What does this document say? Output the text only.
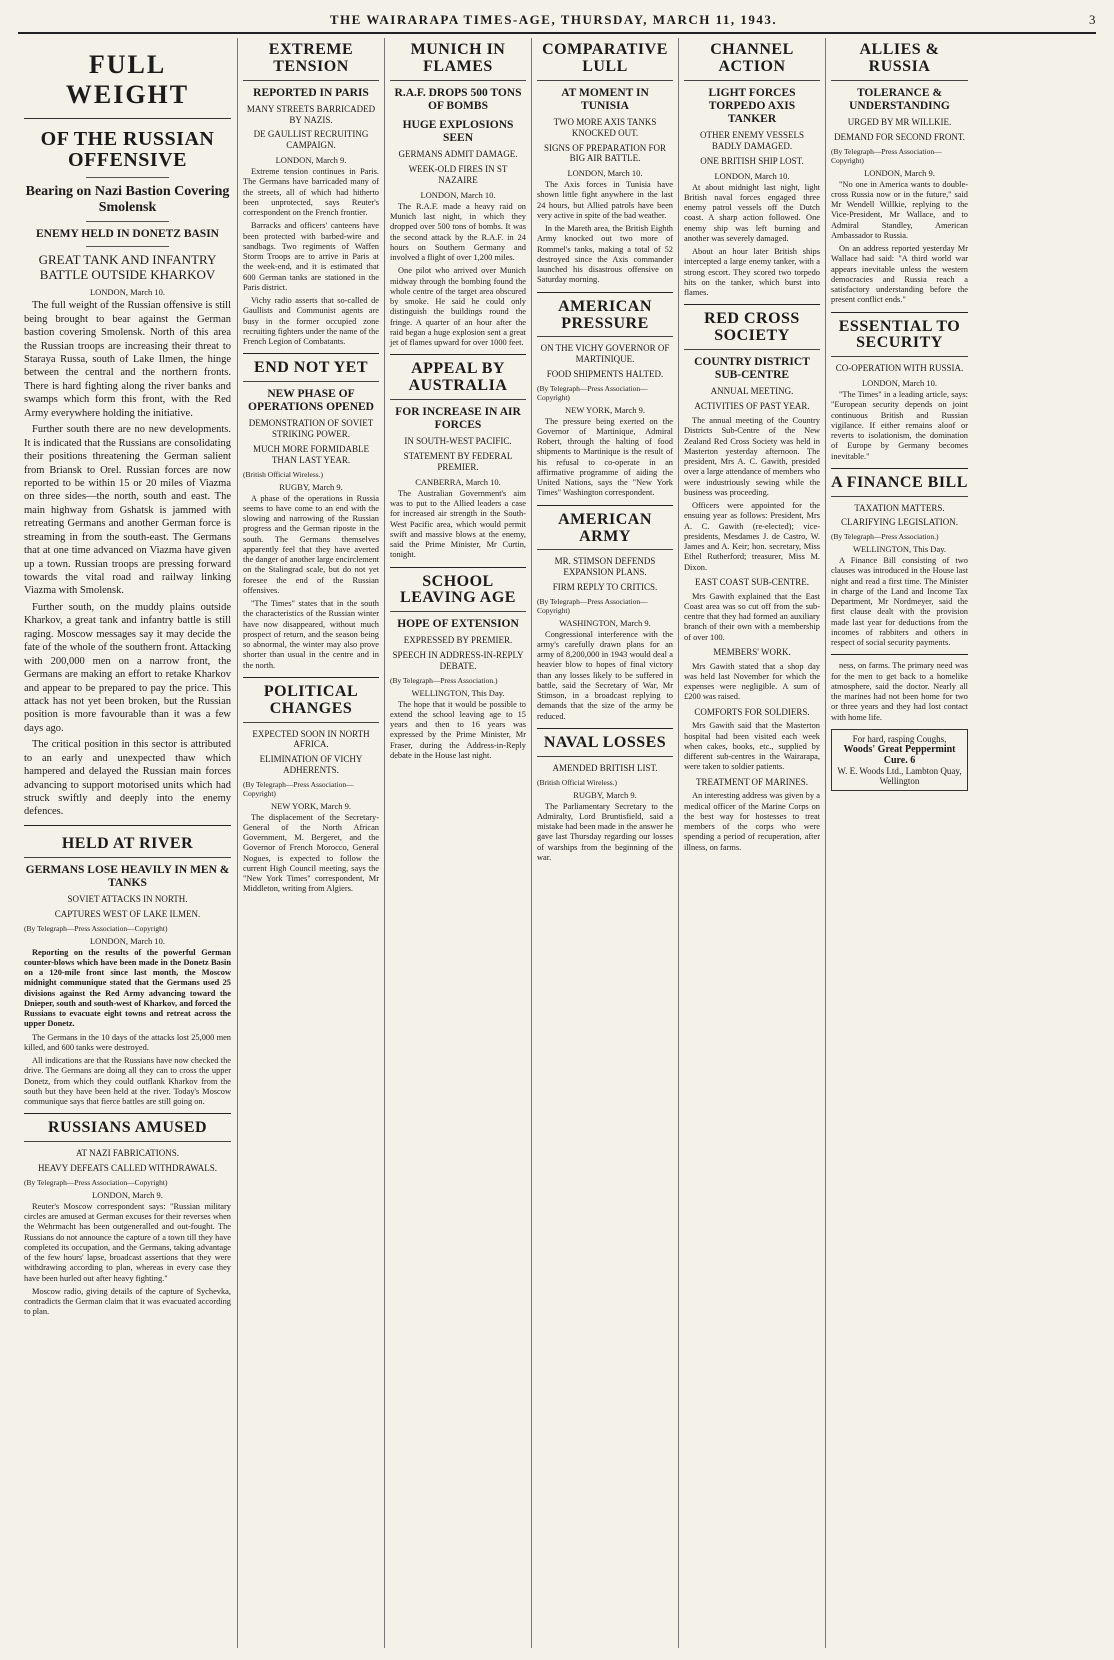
THE WAIRARAPA TIMES-AGE, THURSDAY, MARCH 11, 1943.	3
FULL WEIGHT
OF THE RUSSIAN OFFENSIVE
Bearing on Nazi Bastion Covering Smolensk
ENEMY HELD IN DONETZ BASIN
GREAT TANK AND INFANTRY BATTLE OUTSIDE KHARKOV
LONDON, March 10.

The full weight of the Russian offensive is still being brought to bear against the German bastion covering Smolensk. North of this area the Russian troops are increasing their threat to Staraya Russa, south of Lake Ilmen, the hinge between the central and the northern fronts. There is hard fighting along the river banks and swamps which form this front, with the Red Army everywhere holding the initiative.

Further south there are no new developments. It is indicated that the Russians are consolidating their positions threatening the German salient from Briansk to Orel. Russian forces are now reported to be within 15 or 20 miles of Viazma on three sides—the north, south and east. The main highway from Gshatsk is jammed with retreating Germans and another German force is streaming in from the south-east. The Germans that at one time advanced on Viazma have given up a town. Russian troops are pressing forward towards the vital road and railway linking Viazma with Smolensk.

Further south, on the muddy plains outside Kharkov, a great tank and infantry battle is still raging. Moscow messages say it may decide the fate of the whole of the southern front. Attacking with 200,000 men on a narrow front, the Germans are making an effort to retake Kharkov and appear to be prepared to pay the price. This attack has not yet been broken, but the Russian position is more favourable than it was a few days ago.

The critical position in this sector is attributed to an early and unexpected thaw which hampered and delayed the Russian main forces advancing to support motorised units which had struck swiftly and deeply into the enemy defences.

HELD AT RIVER
GERMANS LOSE HEAVILY IN MEN & TANKS
SOVIET ATTACKS IN NORTH.
CAPTURES WEST OF LAKE ILMEN.
(By Telegraph—Press Association—Copyright)
LONDON, March 10.

Reporting on the results of the powerful German counter-blows which have been made in the Donetz Basin on a 120-mile front since last month, the Moscow midnight communique stated that the Germans used 25 divisions against the Red Army advancing toward the Dnieper, south and south-west of Kharkov, and forced the Russians to evacuate eight towns and retreat across the upper Donetz.

The Germans in the 10 days of the attacks lost 25,000 men killed, and 600 tanks were destroyed.

All indications are that the Russians have now checked the drive. The Germans are doing all they can to cross the upper Donetz, from which they could outflank Kharkov from the south but they have been held at the river. Today's Moscow communique says that fierce battles are still going on.

RUSSIANS AMUSED
AT NAZI FABRICATIONS.
HEAVY DEFEATS CALLED WITHDRAWALS.
(By Telegraph—Press Association—Copyright)
LONDON, March 9.

Reuter's Moscow correspondent says: "Russian military circles are amused at German excuses for their reverses when the Wehrmacht has been outgeneralled and out-fought. The Russians do not announce the capture of a town till they have completed its occupation, and the Germans, taking advantage of the few hours' lapse, broadcast assertions that they were withdrawing according to plan, whereas in every case they have been hurled out after heavy fighting."

Moscow radio, giving details of the capture of Sychevka, contradicts the German claim that it was evacuated according to plan.

EXTREME TENSION
REPORTED IN PARIS
MANY STREETS BARRICADED BY NAZIS.
DE GAULLIST RECRUITING CAMPAIGN.
LONDON, March 9.

Extreme tension continues in Paris. The Germans have barricaded many of the streets, all of which had hitherto been unprotected, says Reuter's correspondent on the French frontier.

Barracks and officers' canteens have been protected with barbed-wire and sandbags. Two regiments of Waffen Storm Troops are to arrive in Paris at the week-end, and it is estimated that 600 German tanks are stationed in the Paris district.

Vichy radio asserts that so-called de Gaullists and Communist agents are busy in the former occupied zone recruiting fighters under the name of the French Legion of Combatants.

END NOT YET
NEW PHASE OF OPERATIONS OPENED
DEMONSTRATION OF SOVIET STRIKING POWER.
MUCH MORE FORMIDABLE THAN LAST YEAR.
(British Official Wireless.)
RUGBY, March 9.

A phase of the operations in Russia seems to have come to an end with the slowing and narrowing of the Russian progress and the German riposte in the south. The Germans themselves apparently feel that they have averted the danger of another large encirclement on the Stalingrad scale, but do not yet foresee the end of the Russian offensives.

"The Times" states that in the south the characteristics of the Russian winter have now disappeared, without much prospect of return, and the season being so abnormal, the winter may also prove shorter than usual in the centre and in the north.

POLITICAL CHANGES
EXPECTED SOON IN NORTH AFRICA.
ELIMINATION OF VICHY ADHERENTS.
(By Telegraph—Press Association—Copyright)
NEW YORK, March 9.

The displacement of the Secretary-General of the North African Government, M. Bergeret, and the Governor of French Morocco, General Nogues, is expected to follow the current High Council meeting, says the "New York Times" correspondent, Mr Middleton, writing from Algiers.

MUNICH IN FLAMES
R.A.F. DROPS 500 TONS OF BOMBS
HUGE EXPLOSIONS SEEN
GERMANS ADMIT DAMAGE.
WEEK-OLD FIRES IN ST NAZAIRE
LONDON, March 10.

The R.A.F. made a heavy raid on Munich last night, in which they dropped over 500 tons of bombs. It was the second attack by the R.A.F. in 24 hours on Southern Germany and involved a flight of over 1,200 miles.

One pilot who arrived over Munich midway through the bombing found the whole centre of the target area obscured by smoke. He said he could only distinguish the buildings round the fringe. A quarter of an hour after the raid began a huge explosion sent a great jet of flames upward for over 1000 feet.

APPEAL BY AUSTRALIA
FOR INCREASE IN AIR FORCES
IN SOUTH-WEST PACIFIC.
STATEMENT BY FEDERAL PREMIER.
CANBERRA, March 10.

The Australian Government's aim was to put to the Allied leaders a case for increased air strength in the South-West Pacific area, which would permit swift and massive blows at the enemy, said the Prime Minister, Mr Curtin, tonight.

SCHOOL LEAVING AGE
HOPE OF EXTENSION
EXPRESSED BY PREMIER.
SPEECH IN ADDRESS-IN-REPLY DEBATE.
(By Telegraph—Press Association.)
WELLINGTON, This Day.

The hope that it would be possible to extend the school leaving age to 15 years and then to 16 years was expressed by the Prime Minister, Mr Fraser, during the Address-in-Reply debate in the House last night.

COMPARATIVE LULL
AT MOMENT IN TUNISIA
TWO MORE AXIS TANKS KNOCKED OUT.
SIGNS OF PREPARATION FOR BIG AIR BATTLE.
LONDON, March 10.

The Axis forces in Tunisia have shown little fight anywhere in the last 24 hours, but Allied patrols have been very active in spite of the bad weather.

In the Mareth area, the British Eighth Army knocked out two more of Rommel's tanks, making a total of 52 destroyed since the Axis commander launched his disastrous offensive on Saturday morning.

AMERICAN PRESSURE
ON THE VICHY GOVERNOR OF MARTINIQUE.
FOOD SHIPMENTS HALTED.
(By Telegraph—Press Association—Copyright)
NEW YORK, March 9.

The pressure being exerted on the Governor of Martinique, Admiral Robert, through the halting of food shipments to Martinique is the result of his refusal to co-operate in an affirmative programme of aiding the United Nations, says the "New York Times" Washington correspondent.

AMERICAN ARMY
MR. STIMSON DEFENDS EXPANSION PLANS.
FIRM REPLY TO CRITICS.
(By Telegraph—Press Association—Copyright)
WASHINGTON, March 9.

Congressional interference with the army's carefully drawn plans for an army of 8,200,000 in 1943 would deal a heavier blow to hopes of final victory than any losses likely to be suffered in battle, said the Secretary of War, Mr Stimson, in a broadcast replying to demands that the size of the army be reduced.

NAVAL LOSSES
AMENDED BRITISH LIST.
(British Official Wireless.)
RUGBY, March 9.

The Parliamentary Secretary to the Admiralty, Lord Bruntisfield, said a mistake had been made in the answer he gave last Thursday regarding our losses of warships from the beginning of the war.

CHANNEL ACTION
LIGHT FORCES TORPEDO AXIS TANKER
OTHER ENEMY VESSELS BADLY DAMAGED.
ONE BRITISH SHIP LOST.
LONDON, March 10.

At about midnight last night, light British naval forces engaged three enemy patrol vessels off the Dutch coast. A sharp action followed. One enemy ship was left burning and another was severely damaged.

About an hour later British ships intercepted a large enemy tanker, with a strong escort. They scored two torpedo hits on the tanker, which burst into flames.

RED CROSS SOCIETY
COUNTRY DISTRICT SUB-CENTRE
ANNUAL MEETING.
ACTIVITIES OF PAST YEAR.

The annual meeting of the Country Districts Sub-Centre of the New Zealand Red Cross Society was held in Masterton yesterday afternoon. The president, Mrs A. C. Gawith, presided over a large attendance of members who were industriously sewing while the business was proceeding.

Officers were appointed for the ensuing year as follows: President, Mrs A. C. Gawith (re-elected); vice-presidents, Mesdames J. de Castro, W. James and A. Keir; hon. secretary, Miss Ethel Rutherford; treasurer, Miss M. Dixon.

EAST COAST SUB-CENTRE.

Mrs Gawith explained that the East Coast area was so cut off from the sub-centre that they had formed an auxiliary branch of their own with a membership of over 100.

MEMBERS' WORK.

Mrs Gawith stated that a shop day was held last November for which the expenses were negligible. A sum of £200 was raised.

COMFORTS FOR SOLDIERS.

Mrs Gawith said that the Masterton hospital had been visited each week when cakes, books, etc., supplied by different sub-centres in the Wairarapa, were taken to soldier patients.

TREATMENT OF MARINES.

An interesting address was given by a medical officer of the Marine Corps on the best way for hostesses to treat members of the corps who were spending a period of recuperation, after illness, on farms.

ALLIES & RUSSIA
TOLERANCE & UNDERSTANDING
URGED BY MR WILLKIE.
DEMAND FOR SECOND FRONT.
(By Telegraph—Press Association—Copyright)
LONDON, March 9.

"No one in America wants to double-cross Russia now or in the future," said Mr Wendell Willkie, replying to the Vice-President, Mr Wallace, and to Admiral Standley, American Ambassador to Russia.

On an address reported yesterday Mr Wallace had said: "A third world war appears inevitable unless the western democracies and Russia reach a satisfactory understanding before the present conflict ends."

ESSENTIAL TO SECURITY
CO-OPERATION WITH RUSSIA.
LONDON, March 10.

"The Times" in a leading article, says: "European security depends on joint continuous British and Russian vigilance. If either remains aloof or reverts to isolationism, the domination of Europe by Germany becomes inevitable."

A FINANCE BILL
TAXATION MATTERS.
CLARIFYING LEGISLATION.
(By Telegraph—Press Association.)
WELLINGTON, This Day.

A Finance Bill consisting of two clauses was introduced in the House last night and read a first time. The Minister in charge of the Land and Income Tax Department, Mr Nordmeyer, said the first clause dealt with the provision made last year for deductions from the incomes of rabbiters and others in respect of social security payments.

ness, on farms. The primary need was for the men to get back to a homelike atmosphere, said the doctor. Nearly all the marines had not been home for two or three years and they had lost contact with home life.

For hard, rasping Coughs,
Woods' Great Peppermint Cure. 6
W. E. Woods Ltd., Lambton Quay, Wellington
